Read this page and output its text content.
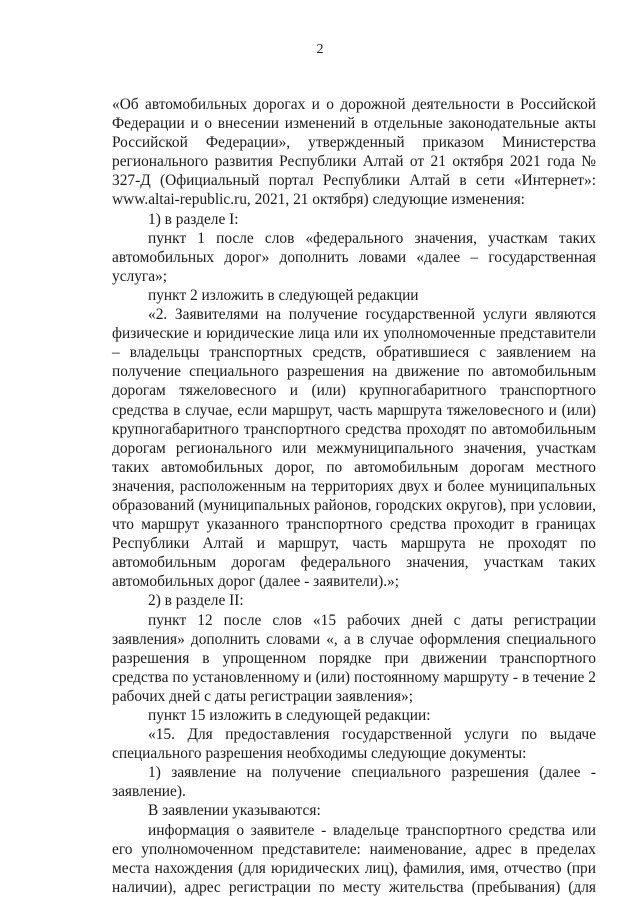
2

«Об автомобильных дорогах и о дорожной деятельности в Российской Федерации и о внесении изменений в отдельные законодательные акты Российской Федерации», утвержденный приказом Министерства регионального развития Республики Алтай от 21 октября 2021 года № 327-Д (Официальный портал Республики Алтай в сети «Интернет»: www.altai-republic.ru, 2021, 21 октября) следующие изменения:

1) в разделе I:

пункт 1 после слов «федерального значения, участкам таких автомобильных дорог» дополнить ловами «далее – государственная услуга»;

пункт 2 изложить в следующей редакции

«2. Заявителями на получение государственной услуги являются физические и юридические лица или их уполномоченные представители – владельцы транспортных средств, обратившиеся с заявлением на получение специального разрешения на движение по автомобильным дорогам тяжеловесного и (или) крупногабаритного транспортного средства в случае, если маршрут, часть маршрута тяжеловесного и (или) крупногабаритного транспортного средства проходят по автомобильным дорогам регионального или межмуниципального значения, участкам таких автомобильных дорог, по автомобильным дорогам местного значения, расположенным на территориях двух и более муниципальных образований (муниципальных районов, городских округов), при условии, что маршрут указанного транспортного средства проходит в границах Республики Алтай и маршрут, часть маршрута не проходят по автомобильным дорогам федерального значения, участкам таких автомобильных дорог (далее - заявители).»;

2) в разделе II:

пункт 12 после слов «15 рабочих дней с даты регистрации заявления» дополнить словами «, а в случае оформления специального разрешения в упрощенном порядке при движении транспортного средства по установленному и (или) постоянному маршруту - в течение 2 рабочих дней с даты регистрации заявления»;

пункт 15 изложить в следующей редакции:

«15. Для предоставления государственной услуги по выдаче специального разрешения необходимы следующие документы:

1) заявление на получение специального разрешения (далее - заявление).

В заявлении указываются:

информация о заявителе - владельце транспортного средства или его уполномоченном представителе: наименование, адрес в пределах места нахождения (для юридических лиц), фамилия, имя, отчество (при наличии), адрес регистрации по месту жительства (пребывания) (для
